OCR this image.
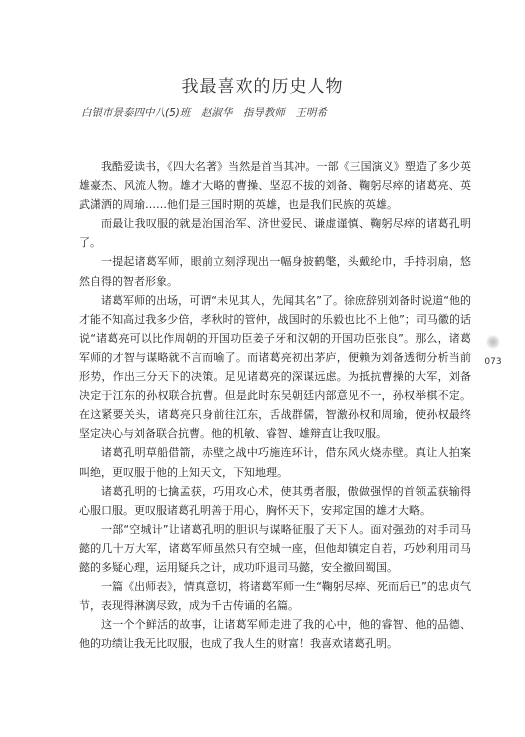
我最喜欢的历史人物
白银市景泰四中八(5)班　赵淑华　指导教师　王明希

我酷爱读书，《四大名著》当然是首当其冲。一部《三国演义》塑造了多少英雄豪杰、风流人物。雄才大略的曹操、坚忍不拔的刘备、鞠躬尽瘁的诸葛亮、英武潇洒的周瑜……他们是三国时期的英雄，也是我们民族的英雄。

而最让我叹服的就是治国治军、济世爱民、谦虚谨慎、鞠躬尽瘁的诸葛孔明了。

一提起诸葛军师，眼前立刻浮现出一幅身披鹤氅，头戴纶巾，手持羽扇，悠然自得的智者形象。

诸葛军师的出场，可谓“未见其人，先闻其名”了。徐庶辞别刘备时说道“他的才能不知高过我多少倍，孝秋时的管仲，战国时的乐毅也比不上他”；司马徽的话说“诸葛亮可以比作周朝的开国功臣姜子牙和汉朝的开国功臣张良”。那么，诸葛军师的才智与谋略就不言而喻了。而诸葛亮初出茅庐，便赖为刘备透彻分析当前形势，作出三分天下的决策。足见诸葛亮的深谋远虑。为抵抗曹操的大军，刘备决定于江东的孙权联合抗曹。但是此时东吴朝廷内部意见不一，孙权举棋不定。在这紧要关头，诸葛亮只身前往江东，舌战群儒，智激孙权和周瑜，使孙权最终坚定决心与刘备联合抗曹。他的机敏、睿智、雄辩直让我叹服。

诸葛孔明草船借箭，赤壁之战中巧施连环计，借东风火烧赤壁。真让人拍案叫绝，更叹服于他的上知天文，下知地理。

诸葛孔明的七擒孟获，巧用攻心术，使其勇者服，傲做强悍的首领孟获输得心服口服。更叹服诸葛孔明善于用心，胸怀天下，安邦定国的雄才大略。

一部“空城计”让诸葛孔明的胆识与谋略征服了天下人。面对强劲的对手司马懿的几十万大军，诸葛军师虽然只有空城一座，但他却镇定自若，巧妙利用司马懿的多疑心理，运用疑兵之计，成功吓退司马懿，安全撤回蜀国。

一篇《出师表》，情真意切，将诸葛军师一生“鞠躬尽瘁、死而后已”的忠贞气节，表现得淋漓尽致，成为千古传诵的名篇。

这一个个鲜活的故事，让诸葛军师走进了我的心中，他的睿智、他的品德、他的功绩让我无比叹服，也成了我人生的财富！我喜欢诸葛孔明。

073
